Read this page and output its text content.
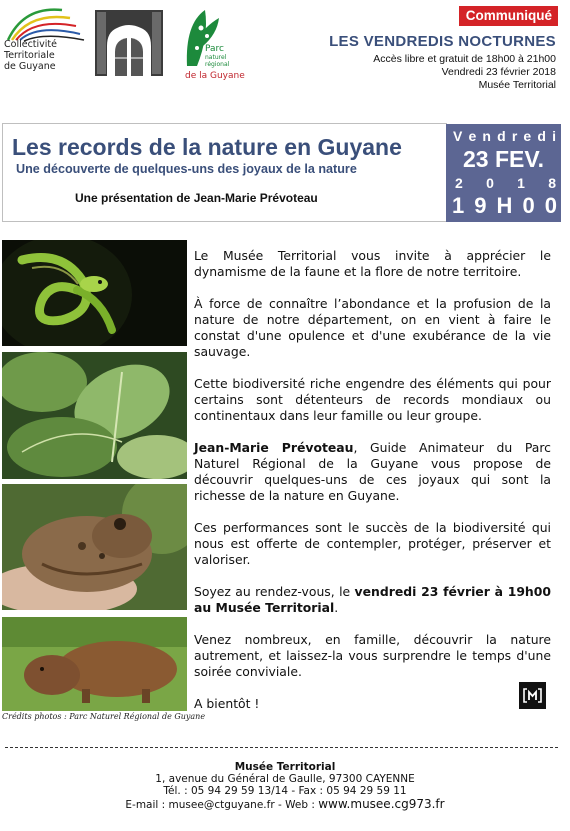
Collectivité
Territoriale
de Guyane
Parc
naturel
régional
de la Guyane
Communiqué
LES VENDREDIS NOCTURNES
Accès libre et gratuit de 18h00 à 21h00
Vendredi 23 février 2018
Musée Territorial
Les records de la nature en Guyane
Une découverte de quelques-uns des joyaux de la nature
Une présentation de Jean-Marie Prévoteau
V e n d r e d i
23 FEV.
2 0 1 8
1 9 H 0 0
Crédits photos : Parc Naturel Régional de Guyane

Le Musée Territorial vous invite à apprécier le dynamisme de la faune et la flore de notre territoire.

À force de connaître l’abondance et la profusion de la nature de notre département, on en vient à faire le constat d'une opulence et d'une exubérance de la vie sauvage.

Cette biodiversité riche engendre des éléments qui pour certains sont détenteurs de records mondiaux ou continentaux dans leur famille ou leur groupe.

Jean-Marie Prévoteau, Guide Animateur du Parc Naturel Régional de la Guyane vous propose de découvrir quelques-uns de ces joyaux qui sont la richesse de la nature en Guyane.

Ces performances sont le succès de la biodiversité qui nous est offerte de contempler, protéger, préserver et valoriser.

Soyez au rendez-vous, le vendredi 23 février à 19h00 au Musée Territorial.

Venez nombreux, en famille, découvrir la nature autrement, et laissez-la vous surprendre le temps d'une soirée conviviale.

A bientôt !

Musée Territorial
1, avenue du Général de Gaulle, 97300 CAYENNE
Tél. : 05 94 29 59 13/14 - Fax : 05 94 29 59 11
E-mail : musee@ctguyane.fr - Web : www.musee.cg973.fr
